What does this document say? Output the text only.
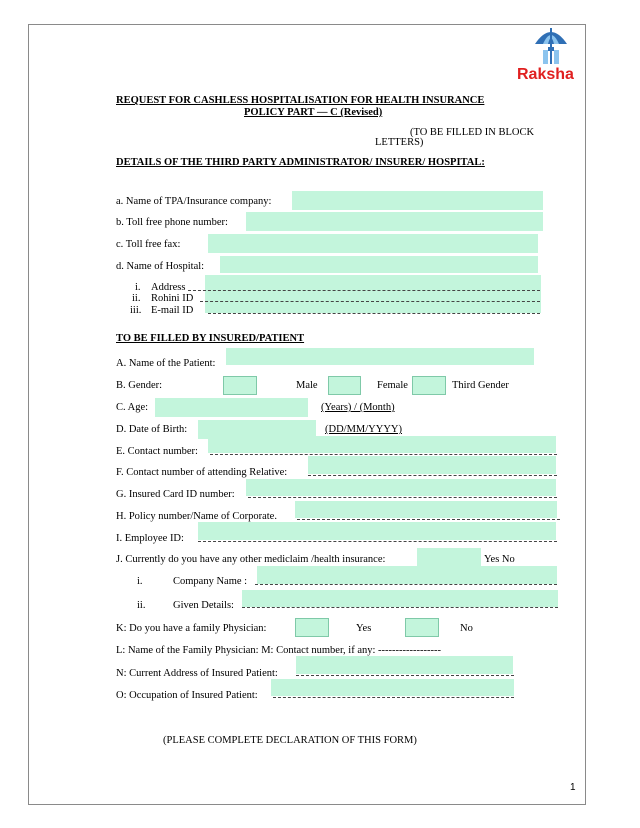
Raksha
REQUEST FOR CASHLESS HOSPITALISATION FOR HEALTH INSURANCE
POLICY PART — C (Revised)
(TO BE FILLED IN BLOCK
LETTERS)
DETAILS OF THE THIRD PARTY ADMINISTRATOR/ INSURER/ HOSPITAL:
a. Name of TPA/Insurance company:
b. Toll free phone number:
c. Toll free fax:
d. Name of Hospital:
i. Address
ii. Rohini ID
iii. E-mail ID
TO BE FILLED BY INSURED/PATIENT
A. Name of the Patient:
B. Gender:	Male	Female	Third Gender
C. Age:	(Years) / (Month)
D. Date of Birth:	(DD/MM/YYYY)
E. Contact number:
F. Contact number of attending Relative:
G. Insured Card ID number:
H. Policy number/Name of Corporate.
I. Employee ID:
J. Currently do you have any other mediclaim /health insurance:	Yes No
i.	Company Name :
ii.	Given Details:
K: Do you have a family Physician:	Yes	No
L: Name of the Family Physician: M: Contact number, if any: ------------------
N: Current Address of Insured Patient:
O: Occupation of Insured Patient:
(PLEASE COMPLETE DECLARATION OF THIS FORM)
1
